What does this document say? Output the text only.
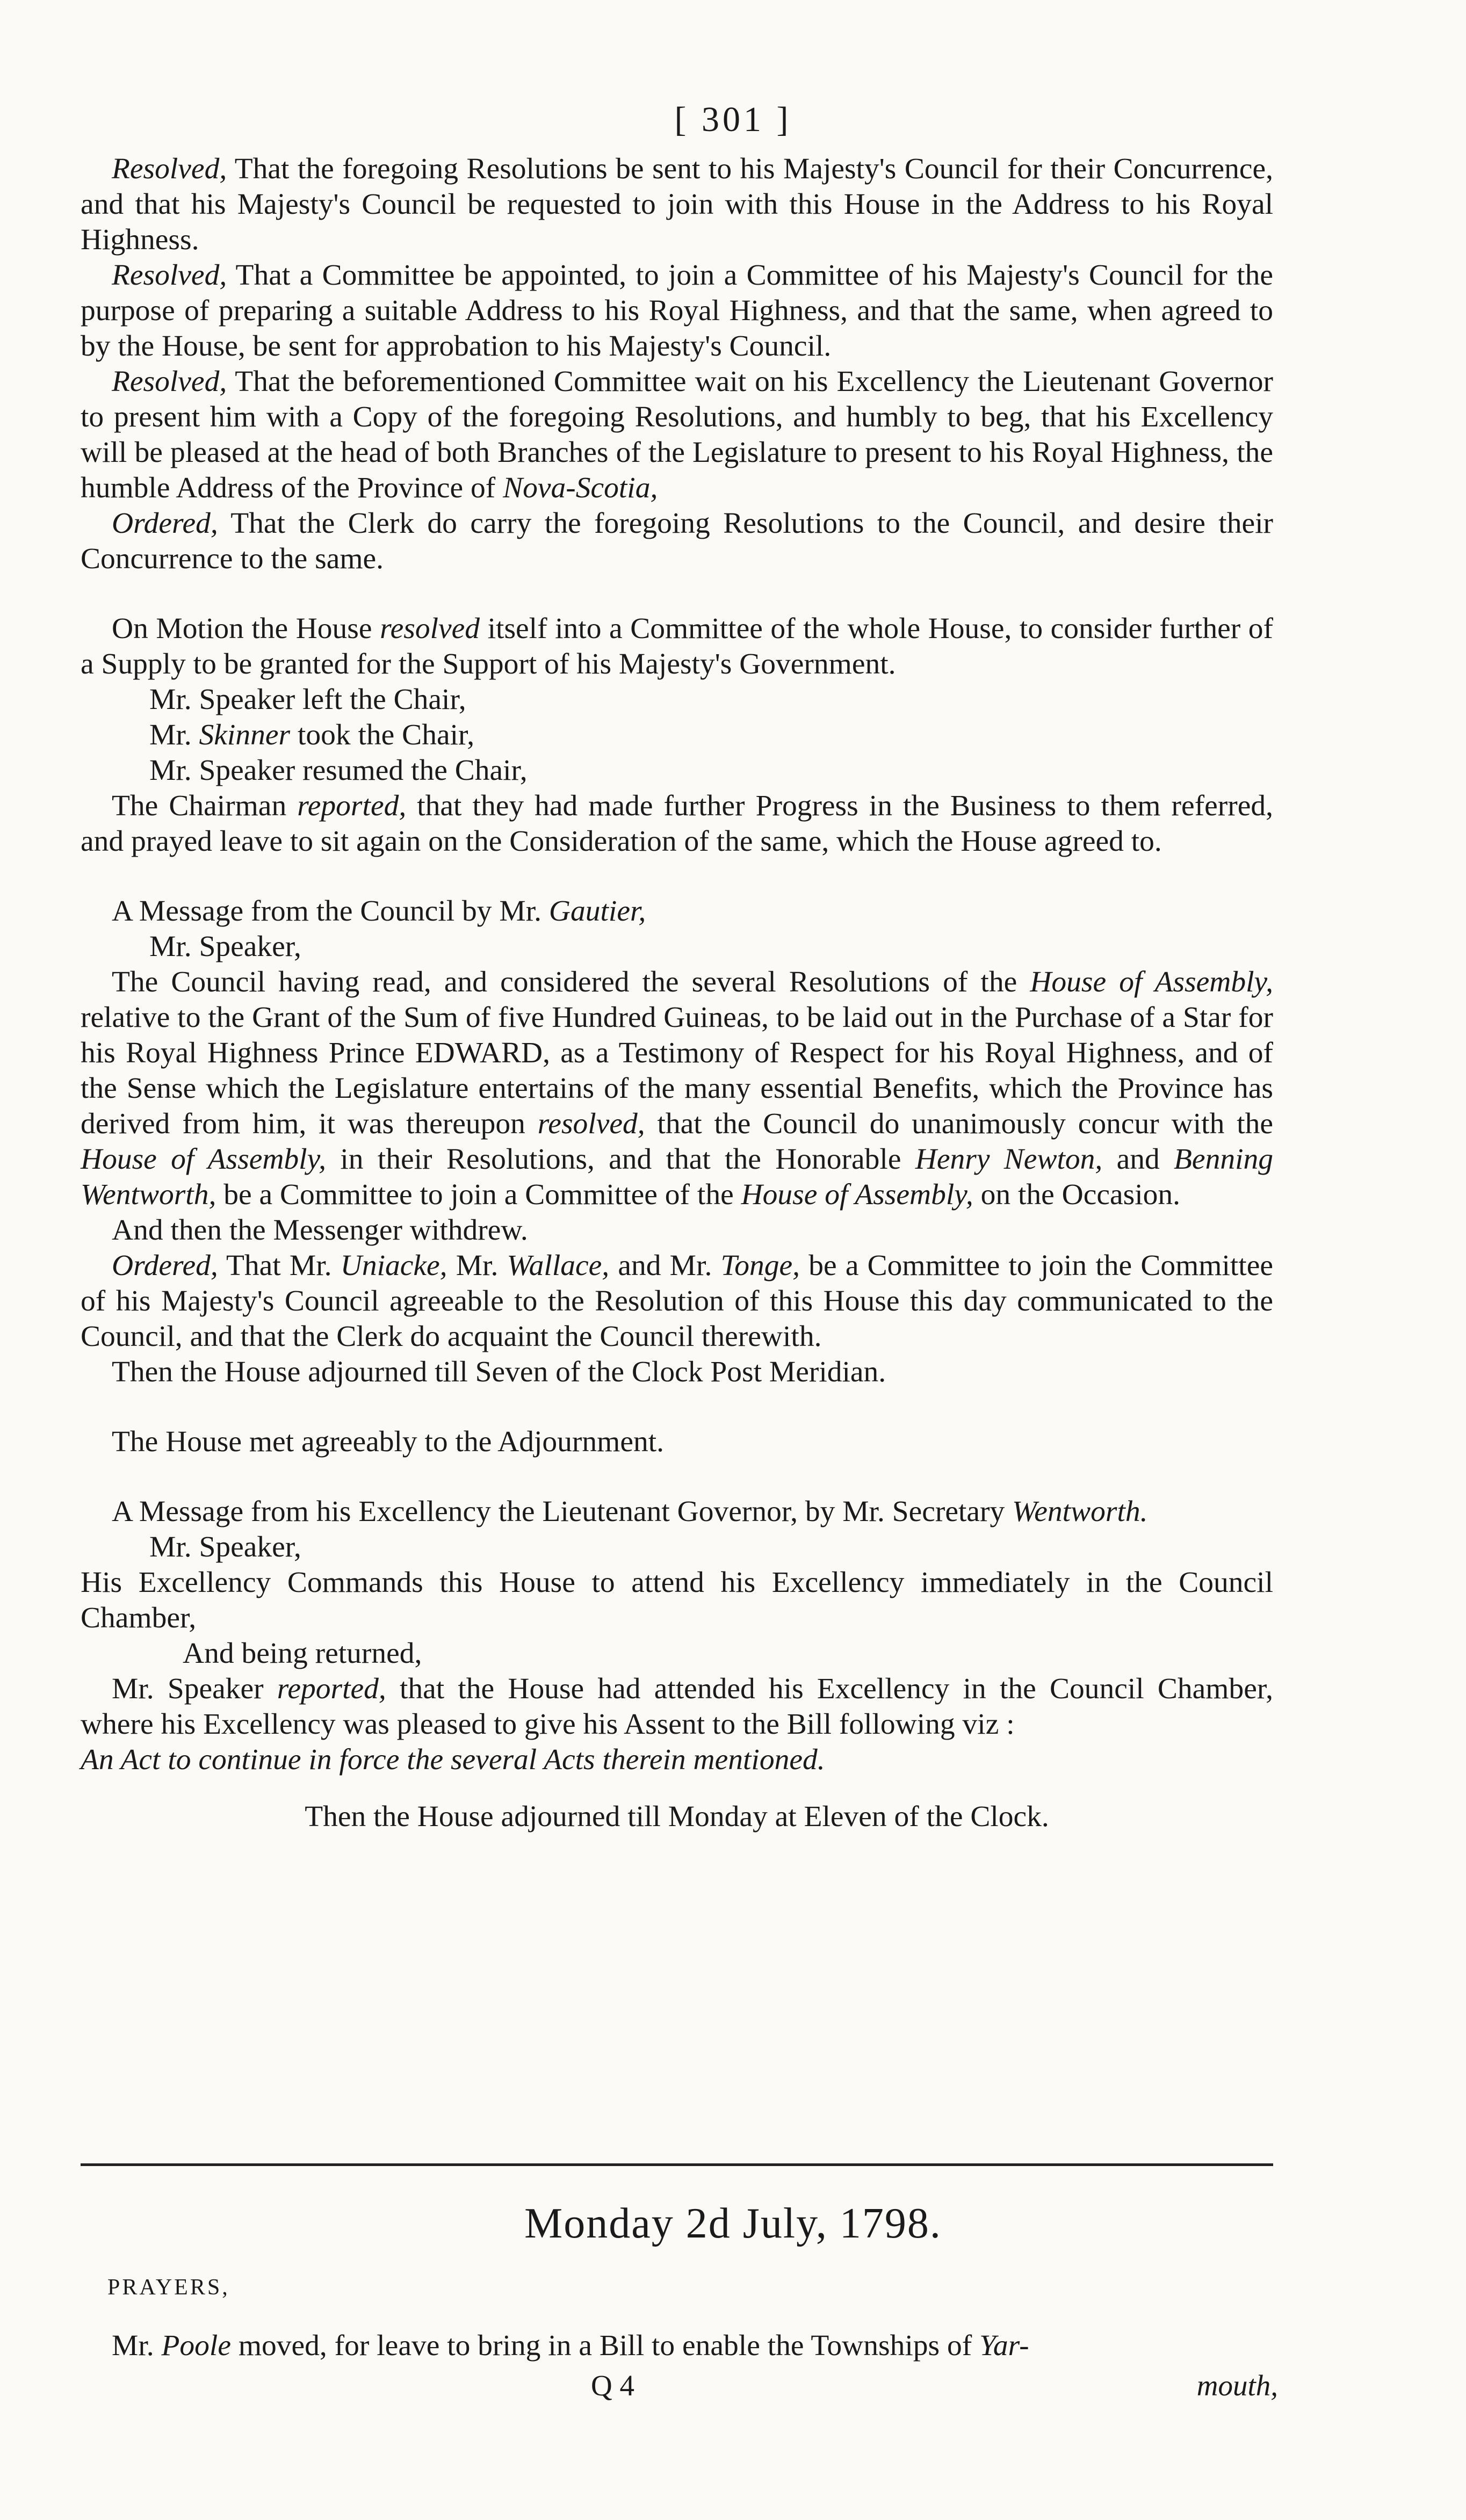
[ 301 ]

Resolved, That the foregoing Resolutions be sent to his Majesty's Council for their Concurrence, and that his Majesty's Council be requested to join with this House in the Address to his Royal Highness.

Resolved, That a Committee be appointed, to join a Committee of his Majesty's Council for the purpose of preparing a suitable Address to his Royal Highness, and that the same, when agreed to by the House, be sent for approbation to his Majesty's Council.

Resolved, That the beforementioned Committee wait on his Excellency the Lieutenant Governor to present him with a Copy of the foregoing Resolutions, and humbly to beg, that his Excellency will be pleased at the head of both Branches of the Legislature to present to his Royal Highness, the humble Address of the Province of Nova-Scotia,

Ordered, That the Clerk do carry the foregoing Resolutions to the Council, and desire their Concurrence to the same.

On Motion the House resolved itself into a Committee of the whole House, to consider further of a Supply to be granted for the Support of his Majesty's Government.

Mr. Speaker left the Chair,

Mr. Skinner took the Chair,

Mr. Speaker resumed the Chair,

The Chairman reported, that they had made further Progress in the Business to them referred, and prayed leave to sit again on the Consideration of the same, which the House agreed to.

A Message from the Council by Mr. Gautier,

Mr. Speaker,

The Council having read, and considered the several Resolutions of the House of Assembly, relative to the Grant of the Sum of five Hundred Guineas, to be laid out in the Purchase of a Star for his Royal Highness Prince EDWARD, as a Testimony of Respect for his Royal Highness, and of the Sense which the Legislature entertains of the many essential Benefits, which the Province has derived from him, it was thereupon resolved, that the Council do unanimously concur with the House of Assembly, in their Resolutions, and that the Honorable Henry Newton, and Benning Wentworth, be a Committee to join a Committee of the House of Assembly, on the Occasion.

And then the Messenger withdrew.

Ordered, That Mr. Uniacke, Mr. Wallace, and Mr. Tonge, be a Committee to join the Committee of his Majesty's Council agreeable to the Resolution of this House this day communicated to the Council, and that the Clerk do acquaint the Council therewith.

Then the House adjourned till Seven of the Clock Post Meridian.

The House met agreeably to the Adjournment.

A Message from his Excellency the Lieutenant Governor, by Mr. Secretary Wentworth.

Mr. Speaker,

His Excellency Commands this House to attend his Excellency immediately in the Council Chamber,

And being returned,

Mr. Speaker reported, that the House had attended his Excellency in the Council Chamber, where his Excellency was pleased to give his Assent to the Bill following viz :

An Act to continue in force the several Acts therein mentioned.

Then the House adjourned till Monday at Eleven of the Clock.

Monday 2d July, 1798.
PRAYERS,
Mr. Poole moved, for leave to bring in a Bill to enable the Townships of Yar-
Q 4	mouth,
